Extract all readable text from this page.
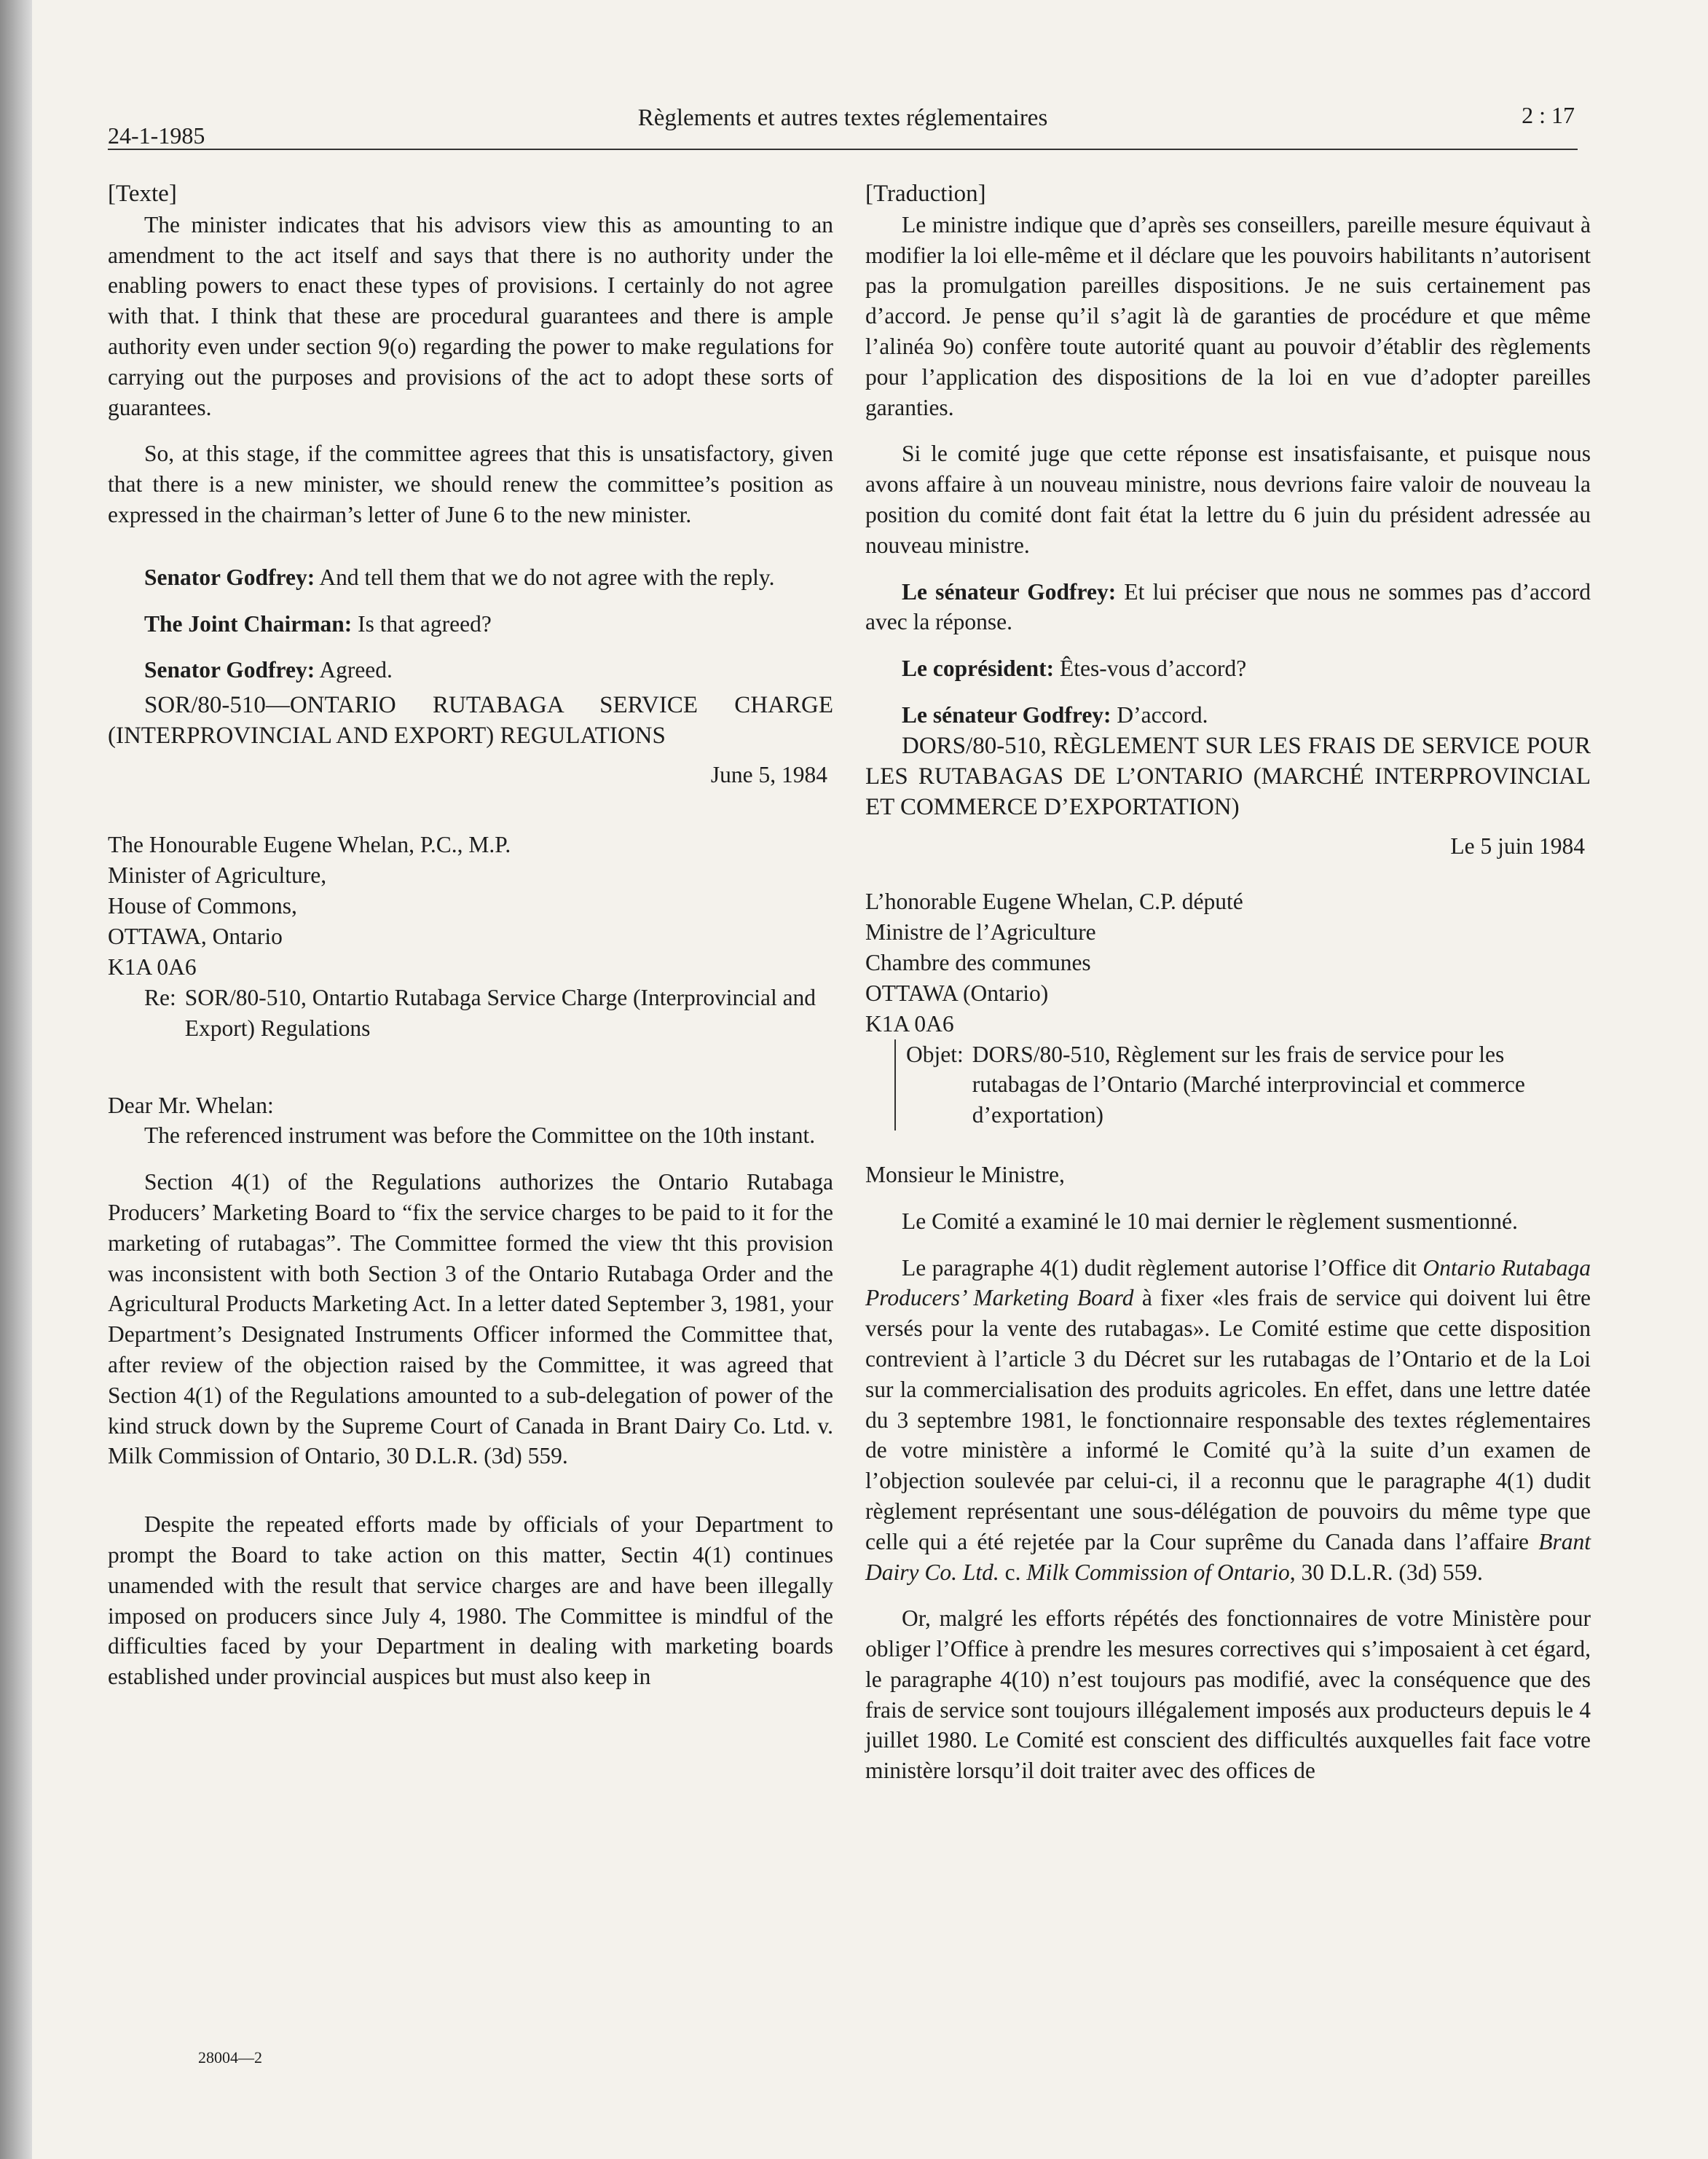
24-1-1985
Règlements et autres textes réglementaires	2 : 17

[Texte]

The minister indicates that his advisors view this as amounting to an amendment to the act itself and says that there is no authority under the enabling powers to enact these types of provisions. I certainly do not agree with that. I think that these are procedural guarantees and there is ample authority even under section 9(o) regarding the power to make regulations for carrying out the purposes and provisions of the act to adopt these sorts of guarantees.

So, at this stage, if the committee agrees that this is unsatisfactory, given that there is a new minister, we should renew the committee’s position as expressed in the chairman’s letter of June 6 to the new minister.

Senator Godfrey: And tell them that we do not agree with the reply.

The Joint Chairman: Is that agreed?

Senator Godfrey: Agreed.

SOR/80-510—ONTARIO RUTABAGA SERVICE CHARGE (INTERPROVINCIAL AND EXPORT) REGULATIONS

June 5, 1984

The Honourable Eugene Whelan, P.C., M.P.
Minister of Agriculture,
House of Commons,
OTTAWA, Ontario
K1A 0A6
Re: SOR/80-510, Ontartio Rutabaga Service Charge (Interprovincial and Export) Regulations

Dear Mr. Whelan:

The referenced instrument was before the Committee on the 10th instant.

Section 4(1) of the Regulations authorizes the Ontario Rutabaga Producers’ Marketing Board to “fix the service charges to be paid to it for the marketing of rutabagas”. The Committee formed the view tht this provision was inconsistent with both Section 3 of the Ontario Rutabaga Order and the Agricultural Products Marketing Act. In a letter dated September 3, 1981, your Department’s Designated Instruments Officer informed the Committee that, after review of the objection raised by the Committee, it was agreed that Section 4(1) of the Regulations amounted to a sub-delegation of power of the kind struck down by the Supreme Court of Canada in Brant Dairy Co. Ltd. v. Milk Commission of Ontario, 30 D.L.R. (3d) 559.

Despite the repeated efforts made by officials of your Department to prompt the Board to take action on this matter, Sectin 4(1) continues unamended with the result that service charges are and have been illegally imposed on producers since July 4, 1980. The Committee is mindful of the difficulties faced by your Department in dealing with marketing boards established under provincial auspices but must also keep in

[Traduction]

Le ministre indique que d’après ses conseillers, pareille mesure équivaut à modifier la loi elle-même et il déclare que les pouvoirs habilitants n’autorisent pas la promulgation pareilles dispositions. Je ne suis certainement pas d’accord. Je pense qu’il s’agit là de garanties de procédure et que même l’alinéa 9o) confère toute autorité quant au pouvoir d’établir des règlements pour l’application des dispositions de la loi en vue d’adopter pareilles garanties.

Si le comité juge que cette réponse est insatisfaisante, et puisque nous avons affaire à un nouveau ministre, nous devrions faire valoir de nouveau la position du comité dont fait état la lettre du 6 juin du président adressée au nouveau ministre.

Le sénateur Godfrey: Et lui préciser que nous ne sommes pas d’accord avec la réponse.

Le coprésident: Êtes-vous d’accord?

Le sénateur Godfrey: D’accord.

DORS/80-510, RÈGLEMENT SUR LES FRAIS DE SERVICE POUR LES RUTABAGAS DE L’ONTARIO (MARCHÉ INTERPROVINCIAL ET COMMERCE D’EXPORTATION)

Le 5 juin 1984

L’honorable Eugene Whelan, C.P. député
Ministre de l’Agriculture
Chambre des communes
OTTAWA (Ontario)
K1A 0A6
Objet: DORS/80-510, Règlement sur les frais de service pour les rutabagas de l’Ontario (Marché interprovincial et commerce d’exportation)

Monsieur le Ministre,

Le Comité a examiné le 10 mai dernier le règlement susmentionné.

Le paragraphe 4(1) dudit règlement autorise l’Office dit Ontario Rutabaga Producers’ Marketing Board à fixer «les frais de service qui doivent lui être versés pour la vente des rutabagas». Le Comité estime que cette disposition contrevient à l’article 3 du Décret sur les rutabagas de l’Ontario et de la Loi sur la commercialisation des produits agricoles. En effet, dans une lettre datée du 3 septembre 1981, le fonctionnaire responsable des textes réglementaires de votre ministère a informé le Comité qu’à la suite d’un examen de l’objection soulevée par celui-ci, il a reconnu que le paragraphe 4(1) dudit règlement représentant une sous-délégation de pouvoirs du même type que celle qui a été rejetée par la Cour suprême du Canada dans l’affaire Brant Dairy Co. Ltd. c. Milk Commission of Ontario, 30 D.L.R. (3d) 559.

Or, malgré les efforts répétés des fonctionnaires de votre Ministère pour obliger l’Office à prendre les mesures correctives qui s’imposaient à cet égard, le paragraphe 4(10) n’est toujours pas modifié, avec la conséquence que des frais de service sont toujours illégalement imposés aux producteurs depuis le 4 juillet 1980. Le Comité est conscient des difficultés auxquelles fait face votre ministère lorsqu’il doit traiter avec des offices de

28004—2
